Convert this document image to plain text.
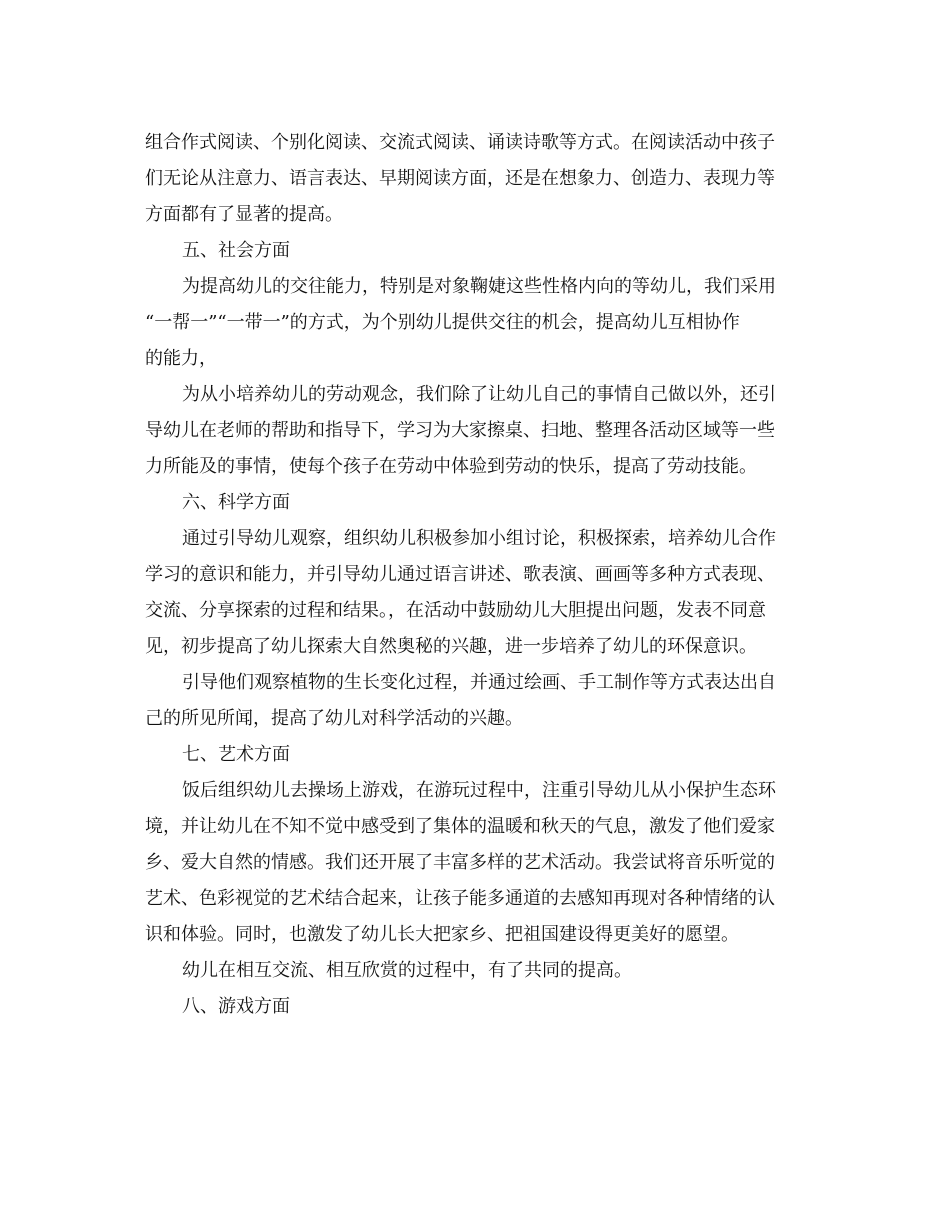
组合作式阅读、个别化阅读、交流式阅读、诵读诗歌等方式。在阅读活动中孩子
们无论从注意力、语言表达、早期阅读方面，还是在想象力、创造力、表现力等
方面都有了显著的提高。
五、社会方面
为提高幼儿的交往能力，特别是对象鞠婕这些性格内向的等幼儿，我们采用
“一帮一”“一带一”的方式，为个别幼儿提供交往的机会，提高幼儿互相协作
的能力，
为从小培养幼儿的劳动观念，我们除了让幼儿自己的事情自己做以外，还引
导幼儿在老师的帮助和指导下，学习为大家擦桌、扫地、整理各活动区域等一些
力所能及的事情，使每个孩子在劳动中体验到劳动的快乐，提高了劳动技能。
六、科学方面
通过引导幼儿观察，组织幼儿积极参加小组讨论，积极探索，培养幼儿合作
学习的意识和能力，并引导幼儿通过语言讲述、歌表演、画画等多种方式表现、
交流、分享探索的过程和结果。，在活动中鼓励幼儿大胆提出问题，发表不同意
见，初步提高了幼儿探索大自然奥秘的兴趣，进一步培养了幼儿的环保意识。
引导他们观察植物的生长变化过程，并通过绘画、手工制作等方式表达出自
己的所见所闻，提高了幼儿对科学活动的兴趣。
七、艺术方面
饭后组织幼儿去操场上游戏，在游玩过程中，注重引导幼儿从小保护生态环
境，并让幼儿在不知不觉中感受到了集体的温暖和秋天的气息，激发了他们爱家
乡、爱大自然的情感。我们还开展了丰富多样的艺术活动。我尝试将音乐听觉的
艺术、色彩视觉的艺术结合起来，让孩子能多通道的去感知再现对各种情绪的认
识和体验。同时，也激发了幼儿长大把家乡、把祖国建设得更美好的愿望。
幼儿在相互交流、相互欣赏的过程中，有了共同的提高。
八、游戏方面
